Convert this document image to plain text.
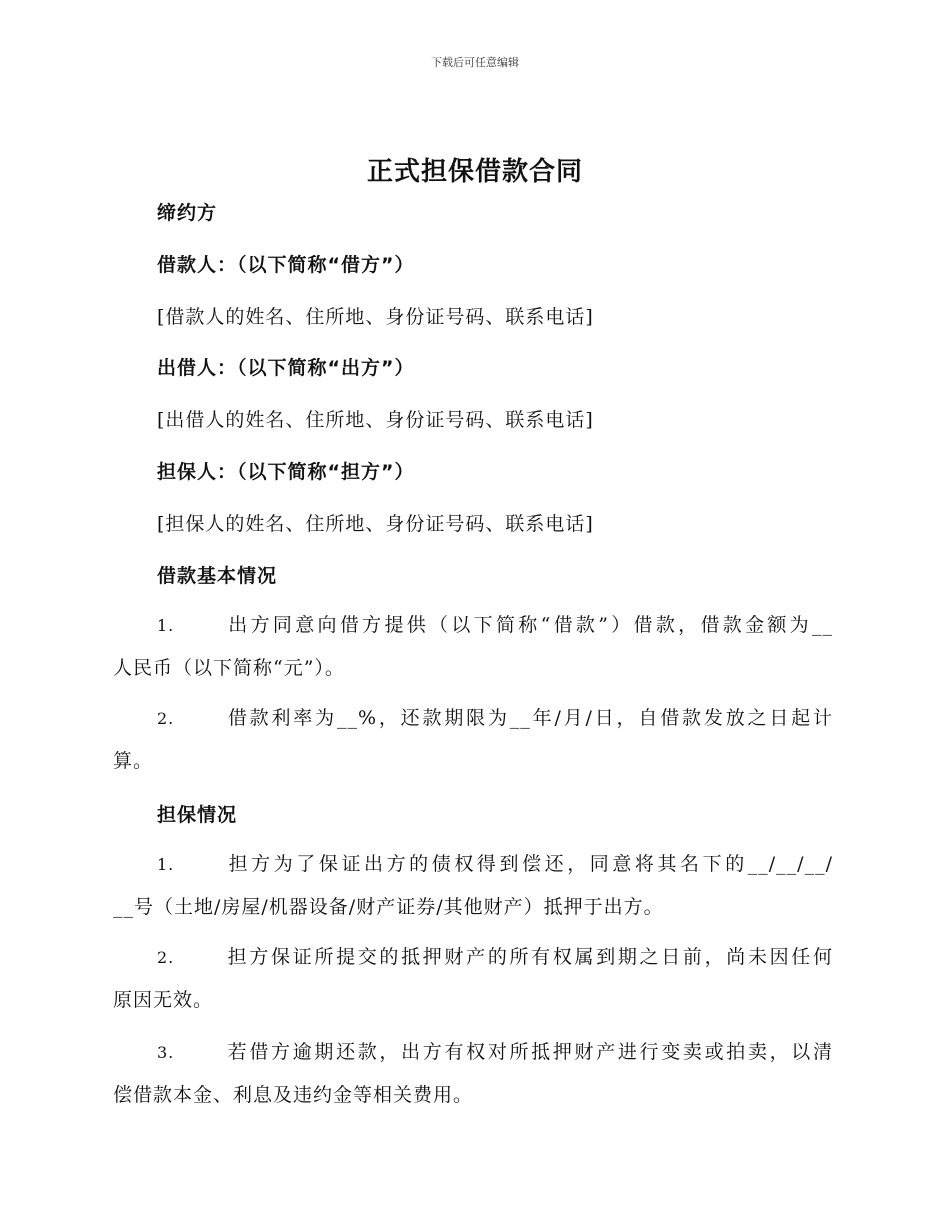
下载后可任意编辑
正式担保借款合同
缔约方
借款人：（以下简称“借方”）
[借款人的姓名、住所地、身份证号码、联系电话]
出借人：（以下简称“出方”）
[出借人的姓名、住所地、身份证号码、联系电话]
担保人：（以下简称“担方”）
[担保人的姓名、住所地、身份证号码、联系电话]
借款基本情况
1.	出方同意向借方提供（以下简称“借款”）借款，借款金额为__
人民币（以下简称“元”）。
2.	借款利率为__%，还款期限为__年/月/日，自借款发放之日起计
算。
担保情况
1.	担方为了保证出方的债权得到偿还，同意将其名下的__/__/__/
__号（土地/房屋/机器设备/财产证券/其他财产）抵押于出方。
2.	担方保证所提交的抵押财产的所有权属到期之日前，尚未因任何
原因无效。
3.	若借方逾期还款，出方有权对所抵押财产进行变卖或拍卖，以清
偿借款本金、利息及违约金等相关费用。
